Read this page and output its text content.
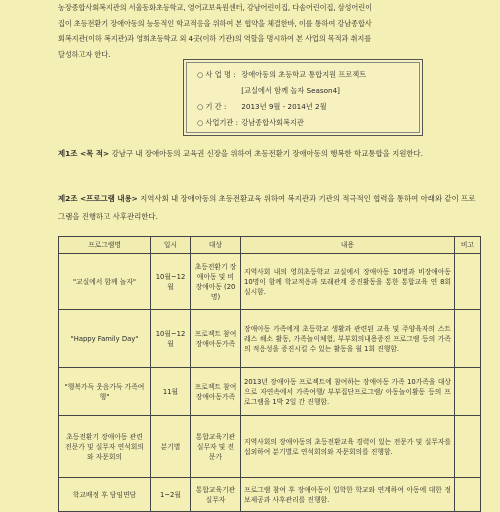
농장종합사회복지관의 서울동화초등학교, 영어교보육원센터, 강남어린이집, 다솜어린이집, 삼성어린이
집이 초등전환기 장애아동의 능동적인 학교적응을 위하여 본 협약을 체결한바, 이를 통하여 강남종합사
회복지관(이하 복지관)과 영희초등학교 외 4곳(이하 기관)의 역할을 명시하여 본 사업의 목적과 취지를
달성하고자 한다.
○ 사 업 명 : 장애아동의 초등학교 통합지원 프로젝트
[교실에서 함께 놀자 Season4]
○ 기 간 : 2013년 9월 - 2014년 2월
○ 사업기관 : 강남종합사회복지관
제1조 <목 적> 강남구 내 장애아동의 교육권 신장을 위하여 초등전환기 장애아동의 행복한 학교통합을 지원한다.
제2조 <프로그램 내용> 지역사회 내 장애아동의 초등전환교육 위하여 복지관과 기관의 적극적인 협력을 통하여 아래와 같이 프로그램을 진행하고 사후관리한다.
프로그램명	일시	대상	내용	비고
"교실에서 함께 놀자"	10월~12월	초등전환기 장애아동 및 비장애아동 (20명)	지역사회 내의 영희초등학교 교실에서 장애아동 10명과 비장애아동 10명이 함께 학교적응과 또래관계 증진활동을 통한 통합교육 연 8회 실시함.	
"Happy Family Day"	10월~12월	프로젝트 참여 장애아동가족	장애아동 가족에게 초등학교 생활과 관련된 교육 및 주양육자의 스트레스 해소 활동, 가족놀이체험, 부부회의내용증진 프로그램 등의 가족의 적응성을 증진시킬 수 있는 활동을 월 1회 진행함.	
"행복가득 웃음가득 가족여행"	11월	프로젝트 참여 장애아동가족	2013년 장애아동 프로젝트에 참여하는 장애아동 가족 10가족을 대상으로 자연속에서 가족여행/ 부부집단프로그램/ 아동놀이활동 등의 프로그램을 1박 2일 간 진행함.	
초등전환기 장애아동 관련 전문가 및 실무자 연석회의와 자문회의	분기별	통합교육기관 실무자 및 전문가	지역사회의 장애아동의 초등전환교육 경력이 있는 전문가 및 실무자를 섭외하여 분기별로 연석회의와 자문회의를 진행함.	
학교배정 후 담임면담	1~2월	통합교육기관 실무자	프로그램 참여 후 장애아동이 입학한 학교와 연계하여 아동에 대한 정보제공과 사후관리를 진행함.	
